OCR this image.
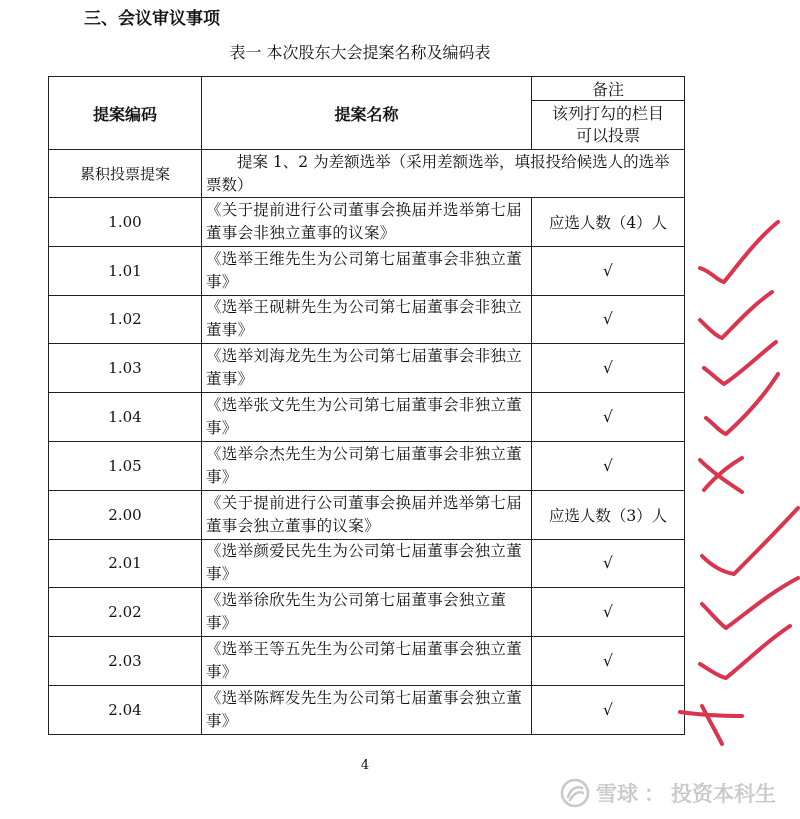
三、会议审议事项
表一 本次股东大会提案名称及编码表
提案编码	提案名称	备注
		该列打勾的栏目
可以投票
累积投票提案	提案 1、2 为差额选举（采用差额选举，填报投给候选人的选举票数）	
1.00	《关于提前进行公司董事会换届并选举第七届董事会非独立董事的议案》	应选人数（4）人
1.01	《选举王维先生为公司第七届董事会非独立董事》	√
1.02	《选举王砚耕先生为公司第七届董事会非独立董事》	√
1.03	《选举刘海龙先生为公司第七届董事会非独立董事》	√
1.04	《选举张文先生为公司第七届董事会非独立董事》	√
1.05	《选举佘杰先生为公司第七届董事会非独立董事》	√
2.00	《关于提前进行公司董事会换届并选举第七届董事会独立董事的议案》	应选人数（3）人
2.01	《选举颜爱民先生为公司第七届董事会独立董事》	√
2.02	《选举徐欣先生为公司第七届董事会独立董事》	√
2.03	《选举王等五先生为公司第七届董事会独立董事》	√
2.04	《选举陈辉发先生为公司第七届董事会独立董事》	√
4
雪球 ： 投资本科生
